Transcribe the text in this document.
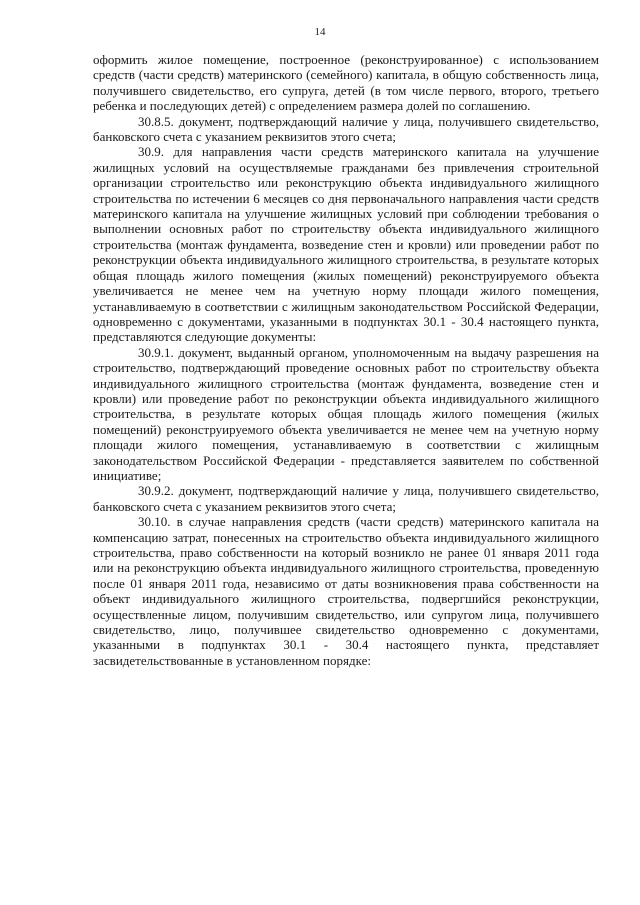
14

оформить жилое помещение, построенное (реконструированное) с использованием средств (части средств) материнского (семейного) капитала, в общую собственность лица, получившего свидетельство, его супруга, детей (в том числе первого, второго, третьего ребенка и последующих детей) с определением размера долей по соглашению.

30.8.5. документ, подтверждающий наличие у лица, получившего свидетельство, банковского счета с указанием реквизитов этого счета;

30.9. для направления части средств материнского капитала на улучшение жилищных условий на осуществляемые гражданами без привлечения строительной организации строительство или реконструкцию объекта индивидуального жилищного строительства по истечении 6 месяцев со дня первоначального направления части средств материнского капитала на улучшение жилищных условий при соблюдении требования о выполнении основных работ по строительству объекта индивидуального жилищного строительства (монтаж фундамента, возведение стен и кровли) или проведении работ по реконструкции объекта индивидуального жилищного строительства, в результате которых общая площадь жилого помещения (жилых помещений) реконструируемого объекта увеличивается не менее чем на учетную норму площади жилого помещения, устанавливаемую в соответствии с жилищным законодательством Российской Федерации, одновременно с документами, указанными в подпунктах 30.1 - 30.4 настоящего пункта, представляются следующие документы:

30.9.1. документ, выданный органом, уполномоченным на выдачу разрешения на строительство, подтверждающий проведение основных работ по строительству объекта индивидуального жилищного строительства (монтаж фундамента, возведение стен и кровли) или проведение работ по реконструкции объекта индивидуального жилищного строительства, в результате которых общая площадь жилого помещения (жилых помещений) реконструируемого объекта увеличивается не менее чем на учетную норму площади жилого помещения, устанавливаемую в соответствии с жилищным законодательством Российской Федерации - представляется заявителем по собственной инициативе;

30.9.2. документ, подтверждающий наличие у лица, получившего свидетельство, банковского счета с указанием реквизитов этого счета;

30.10. в случае направления средств (части средств) материнского капитала на компенсацию затрат, понесенных на строительство объекта индивидуального жилищного строительства, право собственности на который возникло не ранее 01 января 2011 года или на реконструкцию объекта индивидуального жилищного строительства, проведенную после 01 января 2011 года, независимо от даты возникновения права собственности на объект индивидуального жилищного строительства, подвергшийся реконструкции, осуществленные лицом, получившим свидетельство, или супругом лица, получившего свидетельство, лицо, получившее свидетельство одновременно с документами, указанными в подпунктах 30.1 - 30.4 настоящего пункта, представляет засвидетельствованные в установленном порядке:
